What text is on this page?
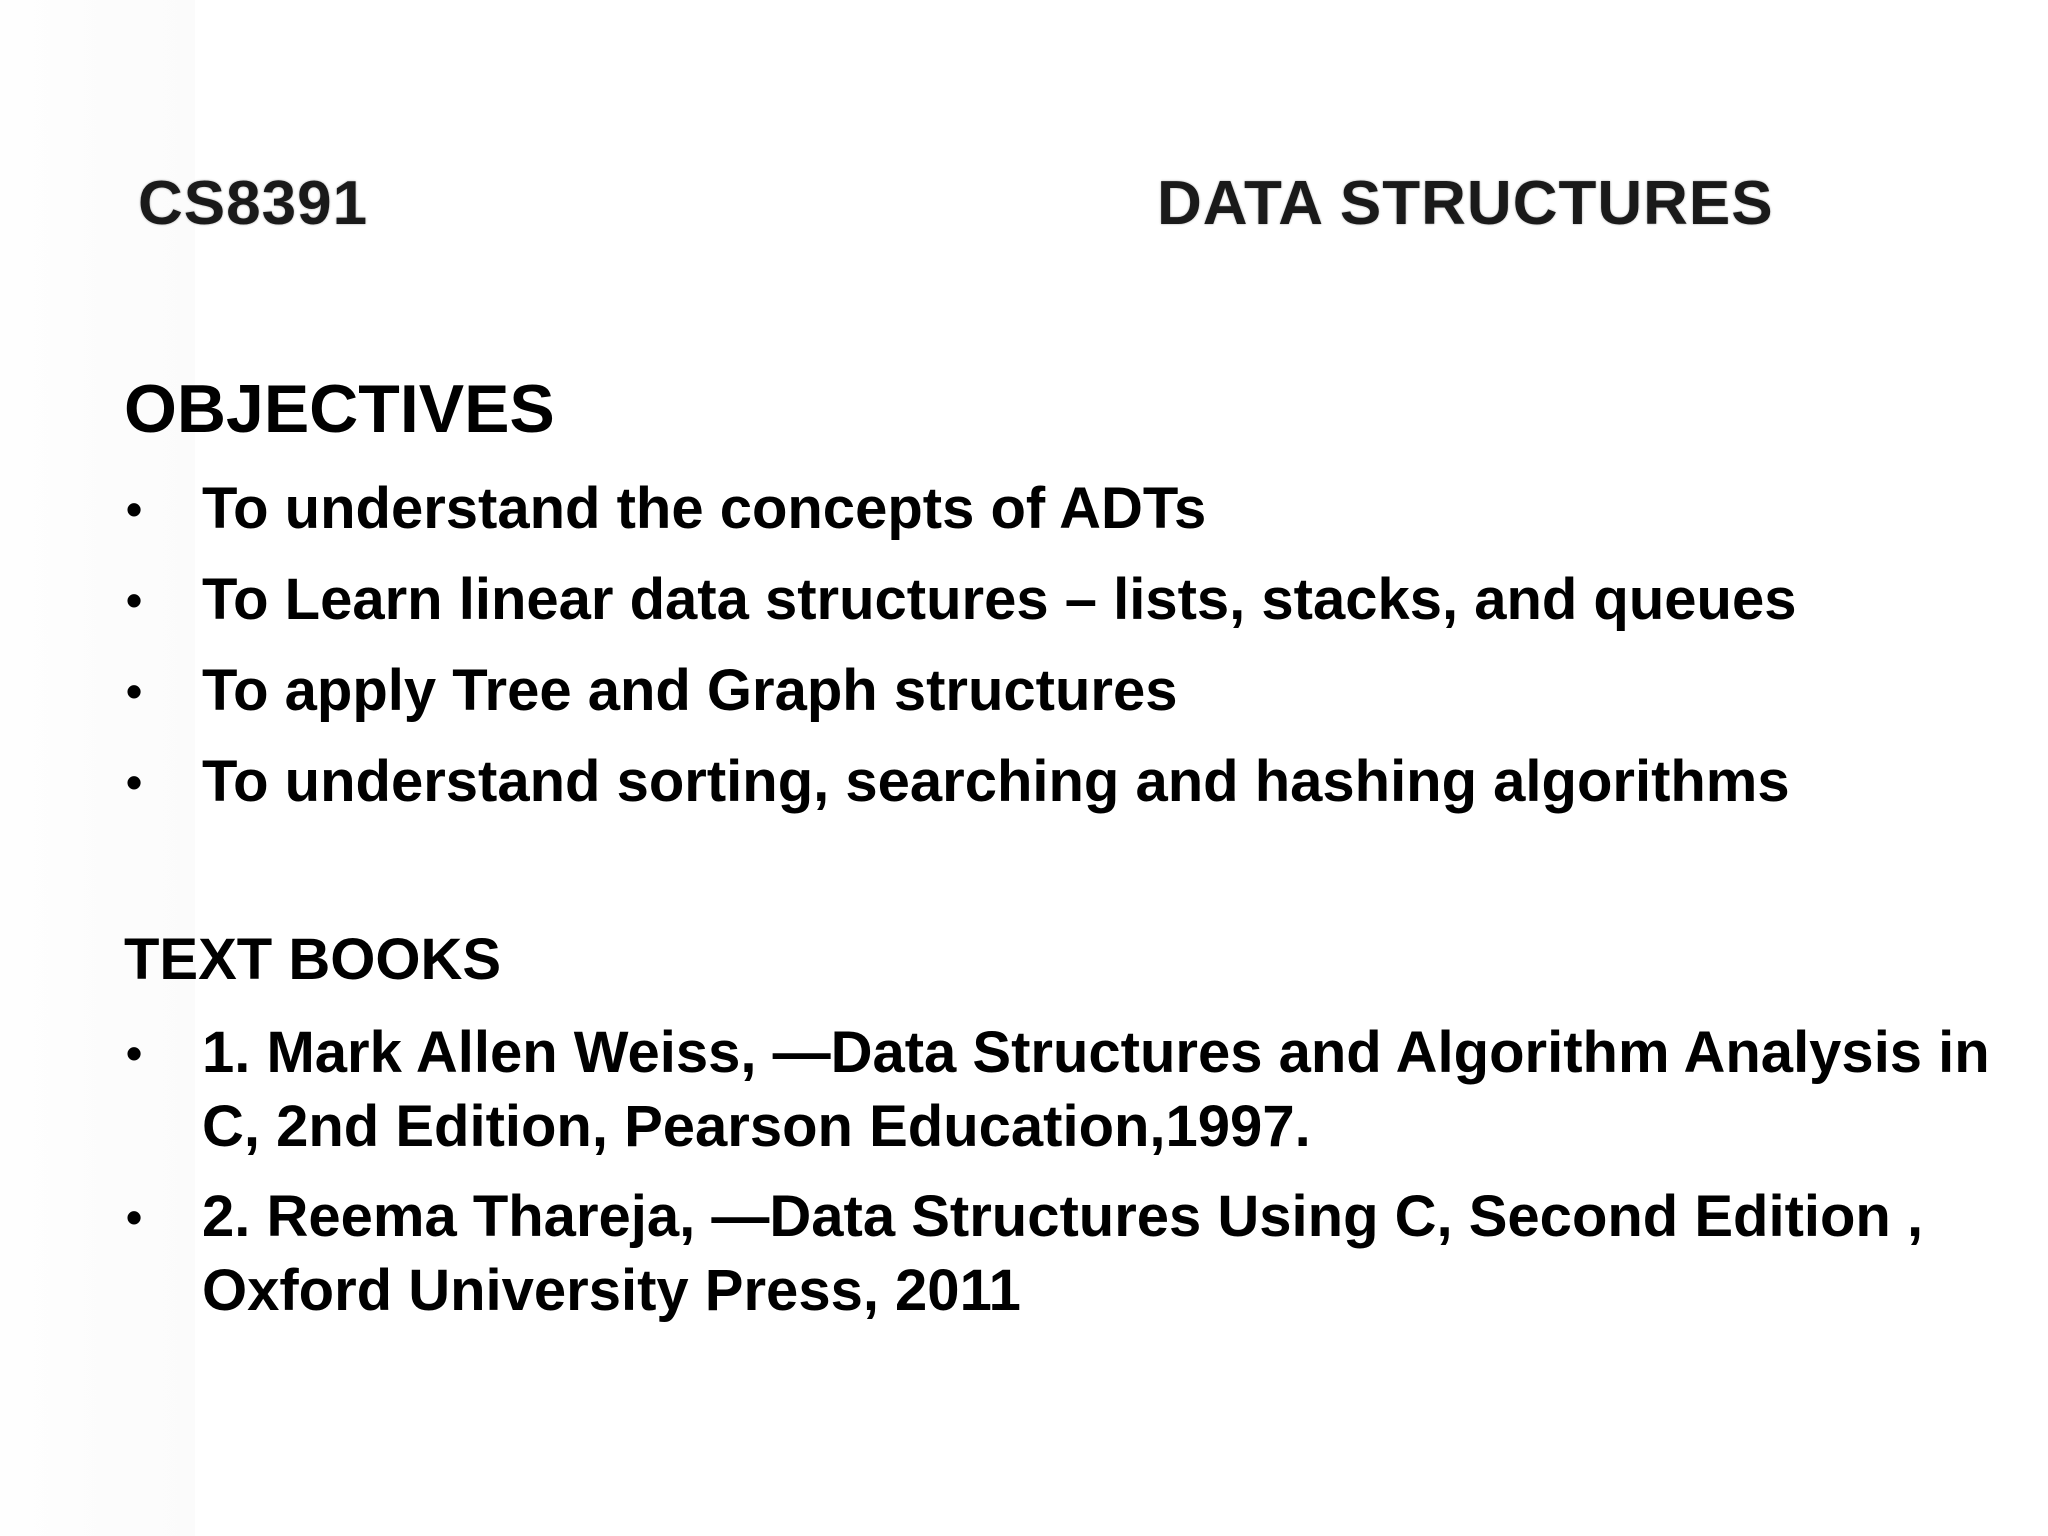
CS8391	DATA STRUCTURES
OBJECTIVES
• To understand the concepts of ADTs
• To Learn linear data structures – lists, stacks, and queues
• To apply Tree and Graph structures
• To understand sorting, searching and hashing algorithms
TEXT BOOKS
• 1. Mark Allen Weiss, —Data Structures and Algorithm Analysis in C, 2nd Edition, Pearson Education,1997.
• 2. Reema Thareja, —Data Structures Using C, Second Edition , Oxford University Press, 2011
